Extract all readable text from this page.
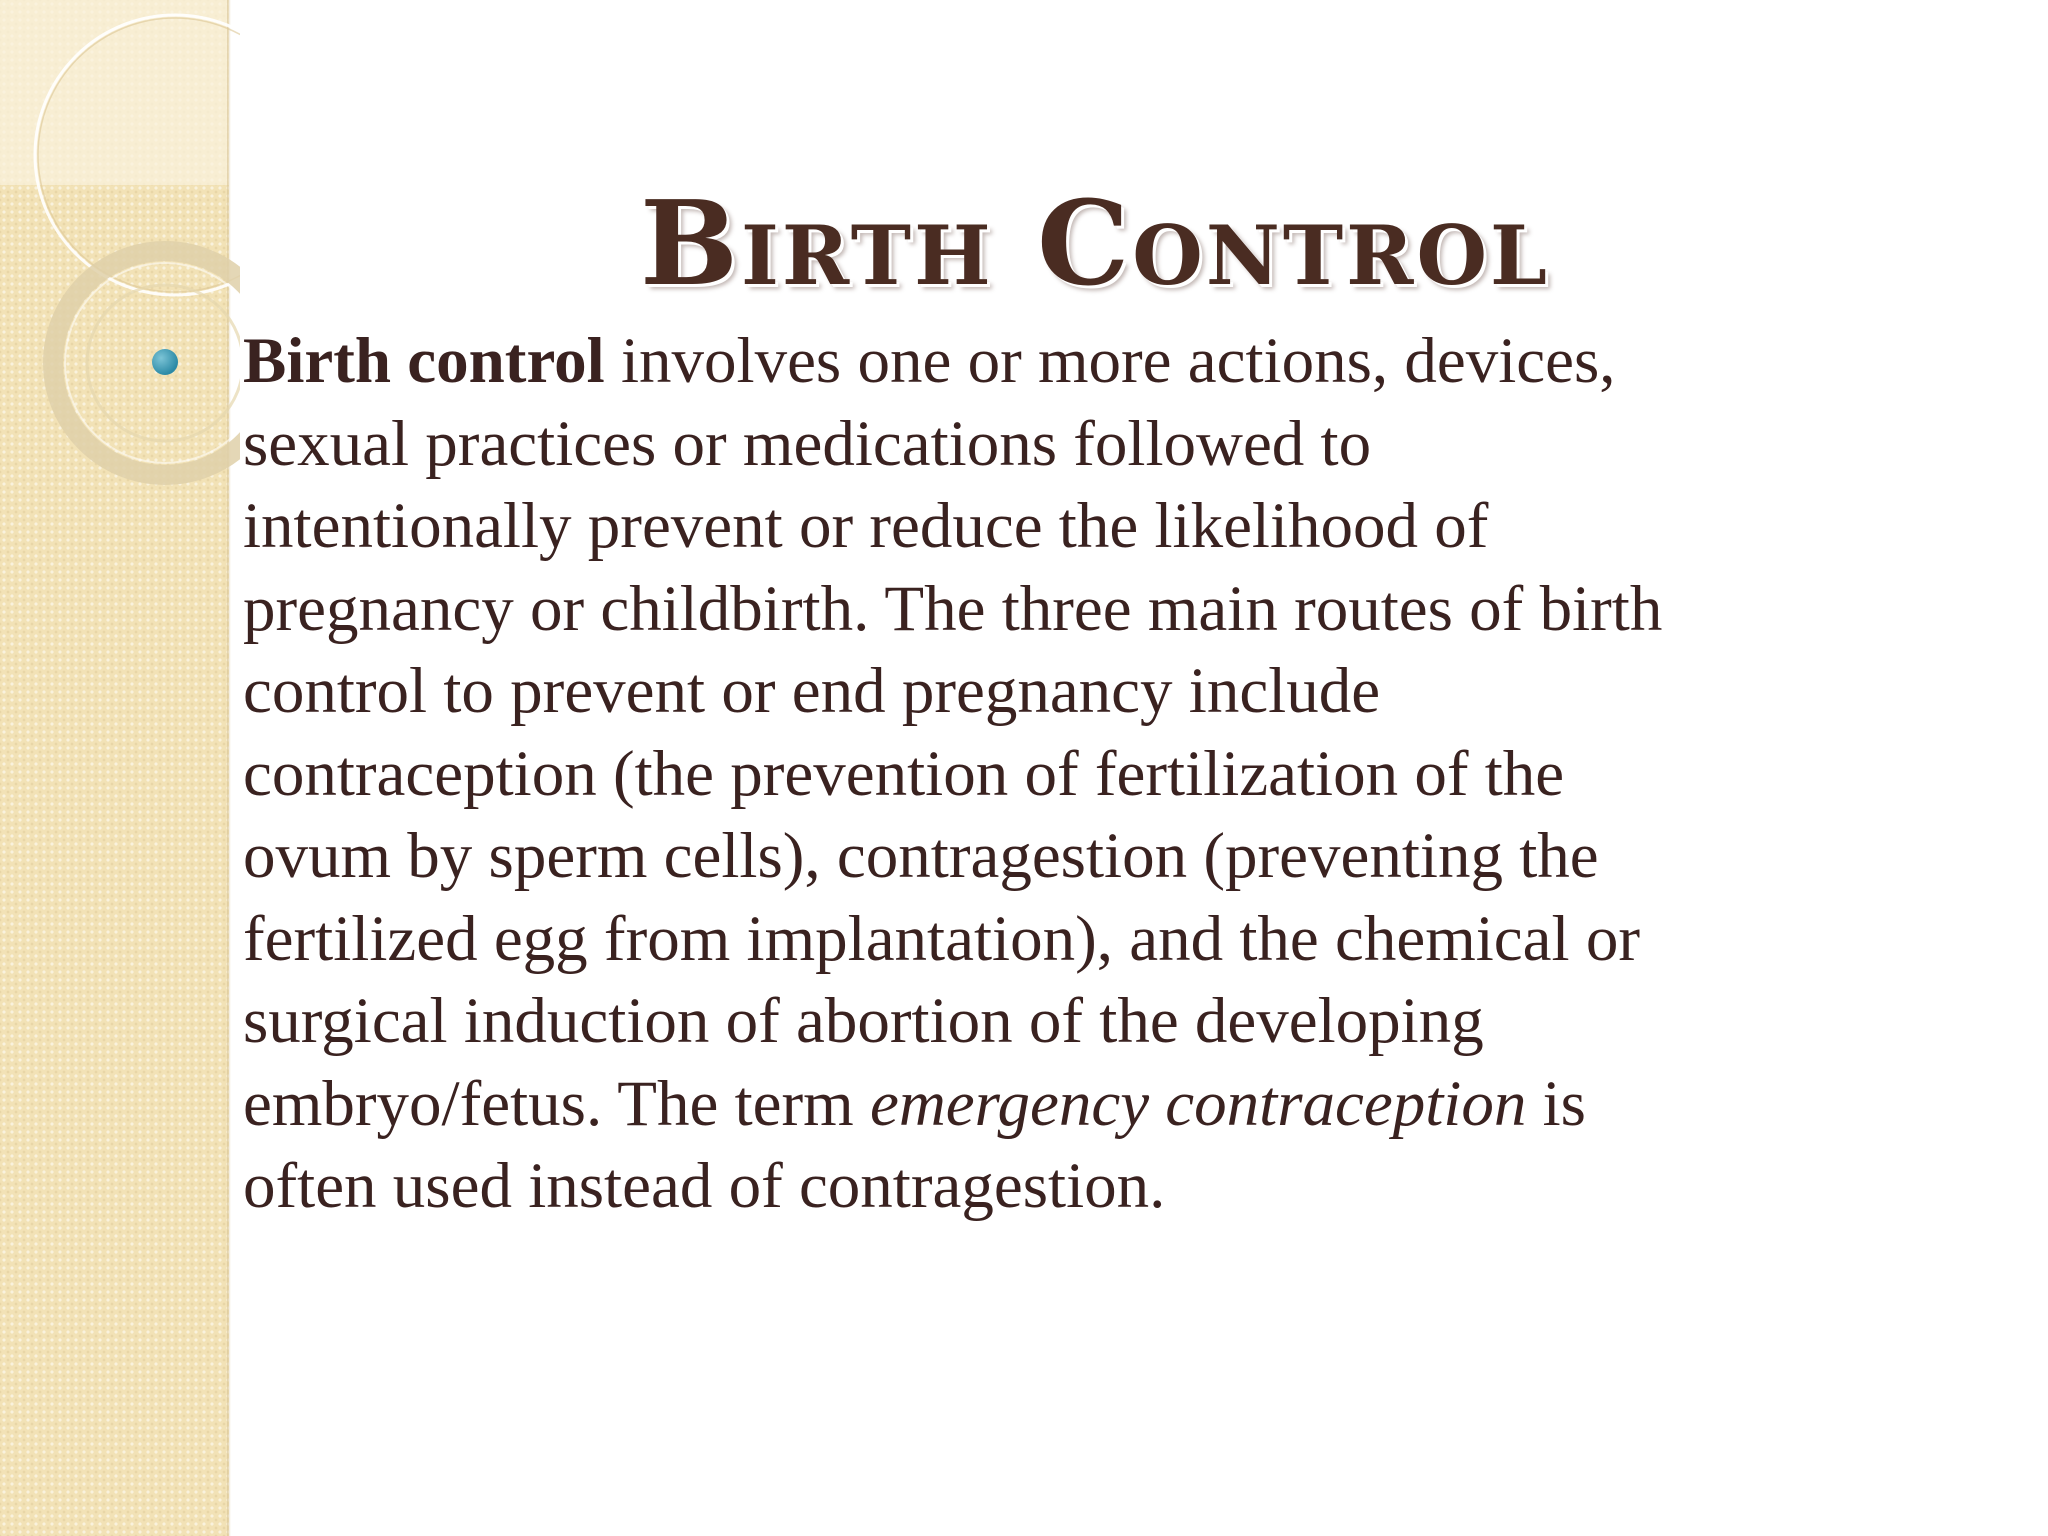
Birth Control

Birth control involves one or more actions, devices, sexual practices or medications followed to intentionally prevent or reduce the likelihood of pregnancy or childbirth. The three main routes of birth control to prevent or end pregnancy include contraception (the prevention of fertilization of the ovum by sperm cells), contragestion (preventing the fertilized egg from implantation), and the chemical or surgical induction of abortion of the developing embryo/fetus. The term emergency contraception is often used instead of contragestion.
